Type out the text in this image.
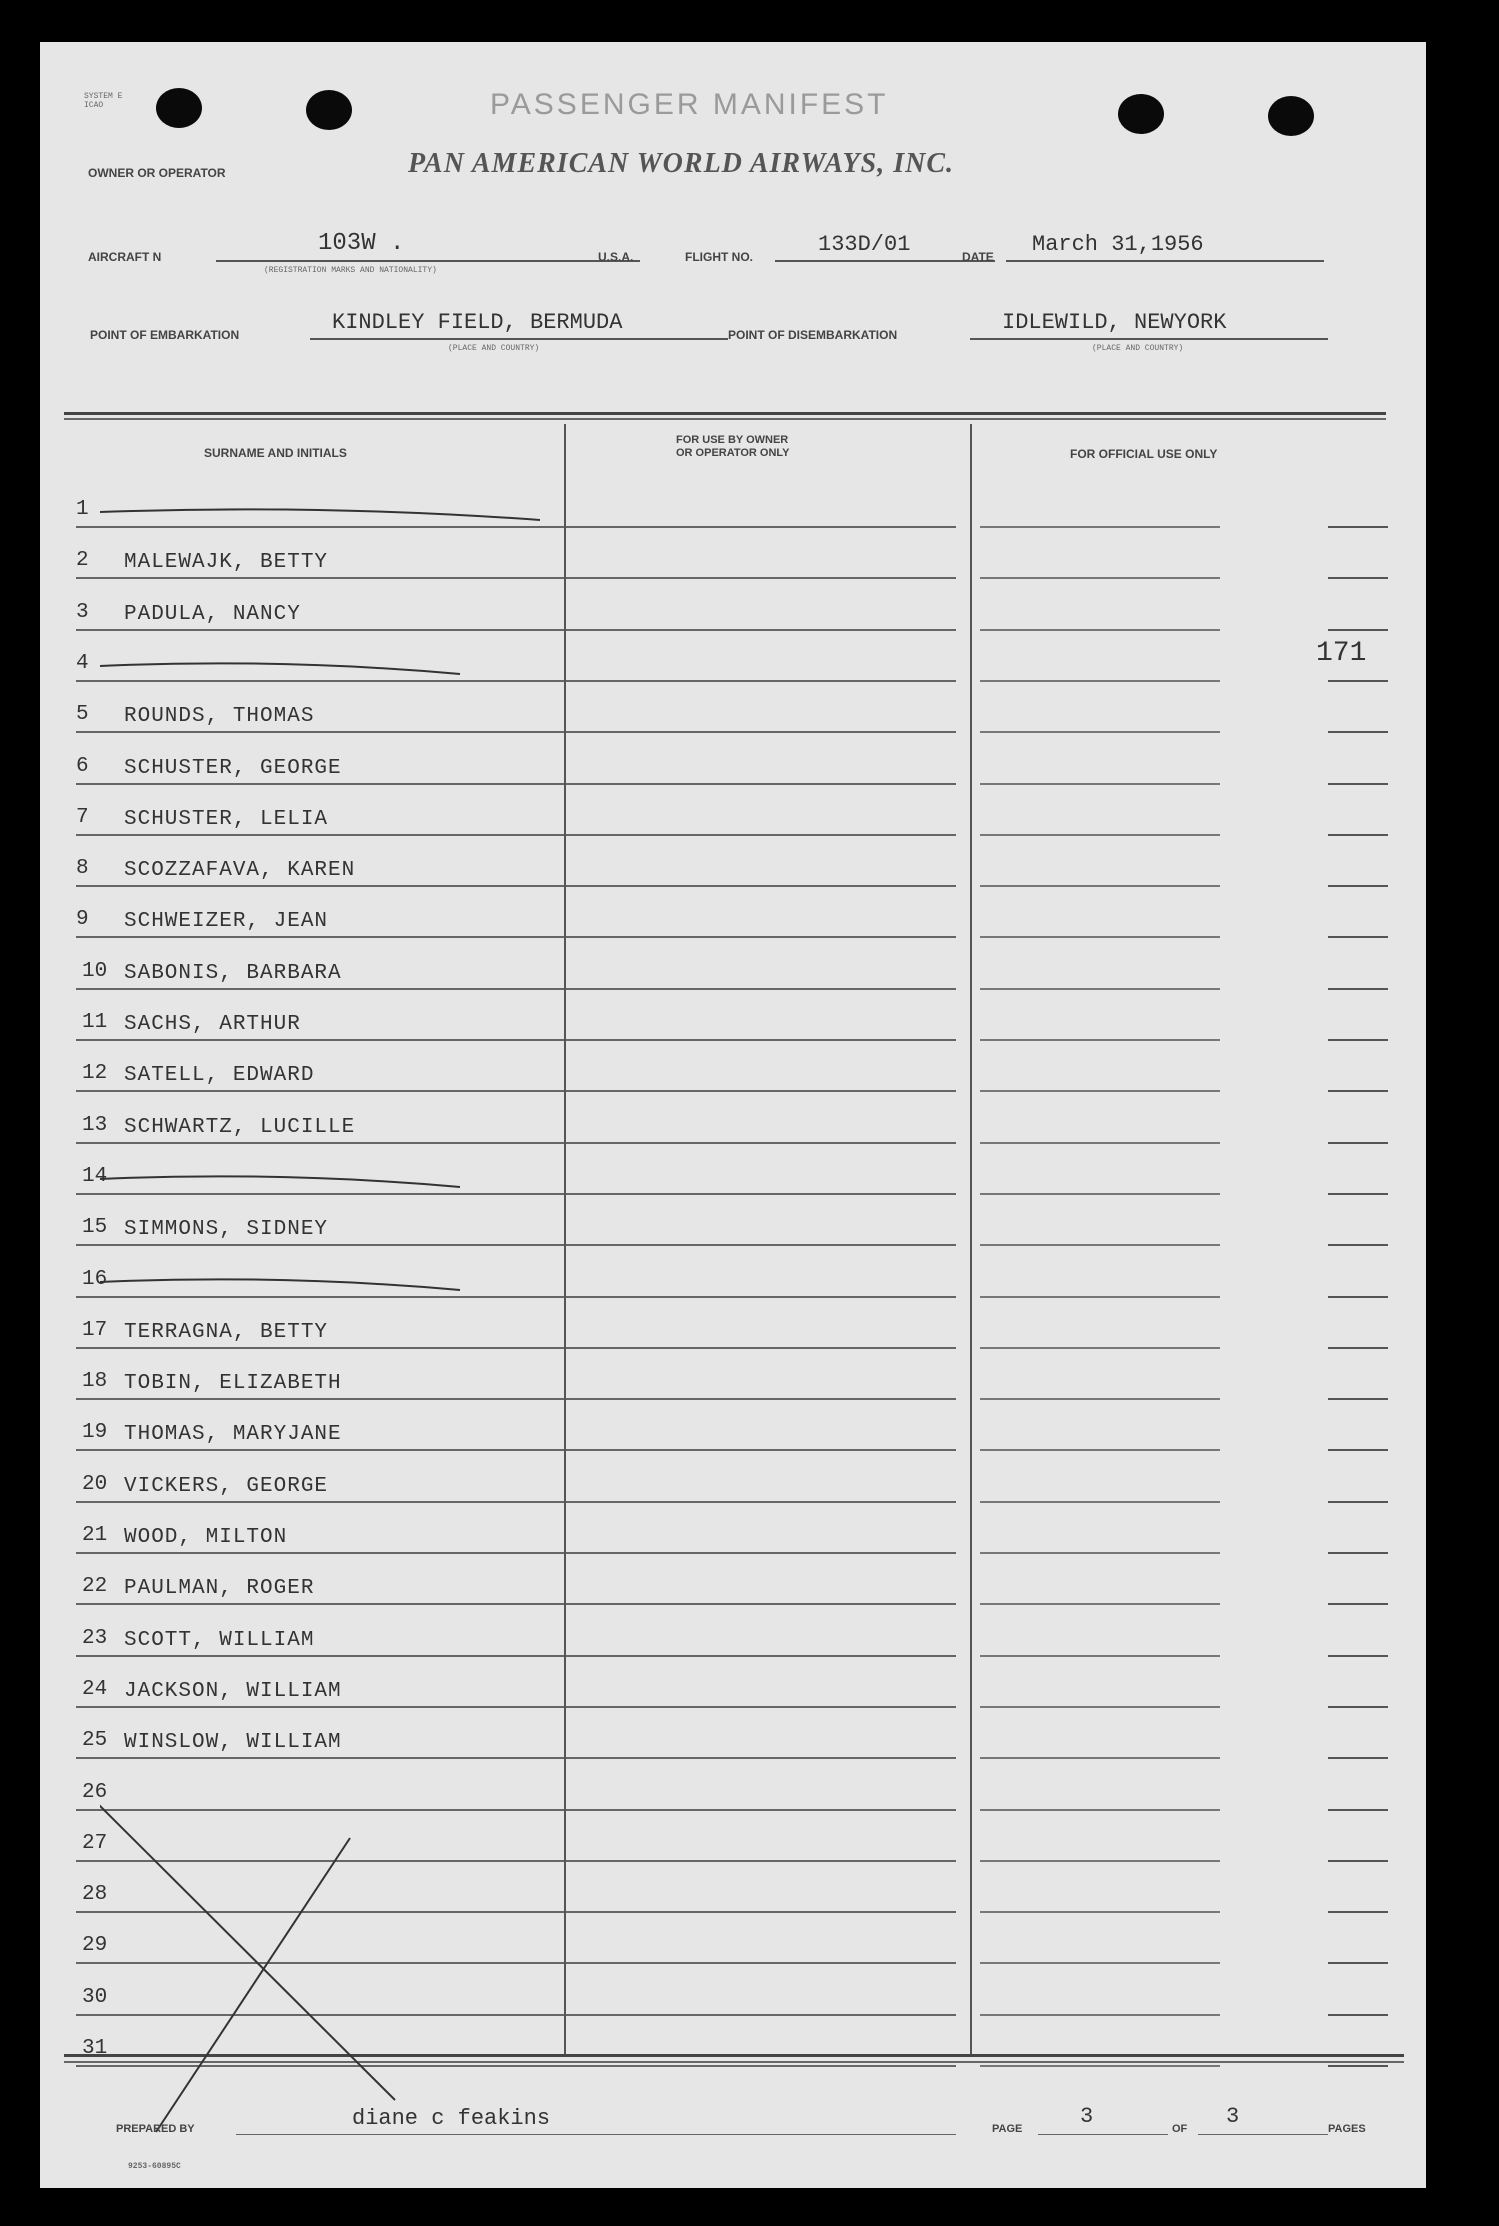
SYSTEM E
ICAO	PASSENGER MANIFEST
OWNER OR OPERATOR	PAN AMERICAN WORLD AIRWAYS, INC.
AIRCRAFT N	103W .
(REGISTRATION MARKS AND NATIONALITY)
U.S.A.	FLIGHT NO.	133D/01	DATE March 31,1956
POINT OF EMBARKATION	KINDLEY FIELD, BERMUDA
(PLACE AND COUNTRY)
POINT OF DISEMBARKATION	IDLEWILD, NEWYORK
(PLACE AND COUNTRY)
SURNAME AND INITIALS
FOR USE BY OWNER
OR OPERATOR ONLY	FOR OFFICIAL USE ONLY
1
2 MALEWAJK, BETTY
3 PADULA, NANCY
4
5 ROUNDS, THOMAS
6 SCHUSTER, GEORGE
7 SCHUSTER, LELIA
8 SCOZZAFAVA, KAREN
9 SCHWEIZER, JEAN
10 SABONIS, BARBARA
11 SACHS, ARTHUR
12 SATELL, EDWARD
13 SCHWARTZ, LUCILLE
14
15 SIMMONS, SIDNEY
16
17 TERRAGNA, BETTY
18 TOBIN, ELIZABETH
19 THOMAS, MARYJANE
20 VICKERS, GEORGE
21 WOOD, MILTON
22 PAULMAN, ROGER
23 SCOTT, WILLIAM
24 JACKSON, WILLIAM
25 WINSLOW, WILLIAM
26
27
28
29
30
31
171
PREPARED BY	diane c feakins	PAGE	3	OF 3	PAGES
9253-60895C
